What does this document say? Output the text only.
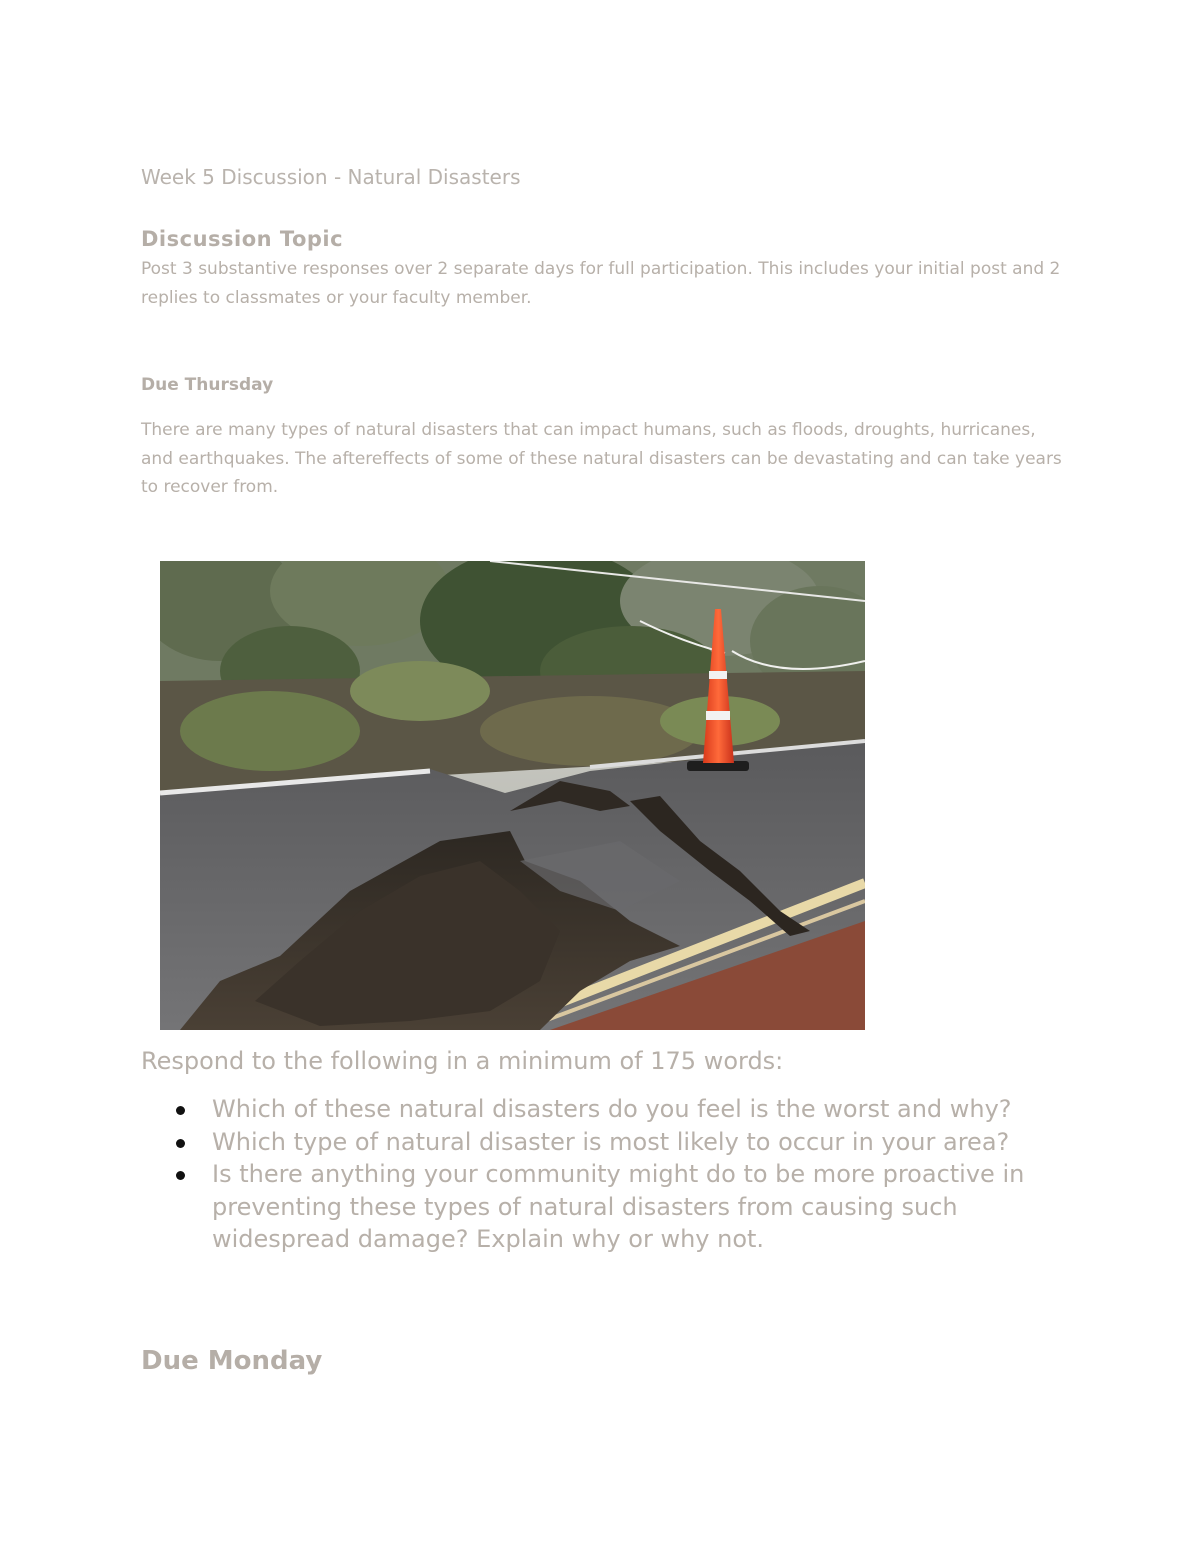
Week 5 Discussion - Natural Disasters
Discussion Topic
Post 3 substantive responses over 2 separate days for full participation. This includes your initial post and 2 replies to classmates or your faculty member.
Due Thursday
There are many types of natural disasters that can impact humans, such as floods, droughts, hurricanes, and earthquakes. The aftereffects of some of these natural disasters can be devastating and can take years to recover from.
Respond to the following in a minimum of 175 words:
Which of these natural disasters do you feel is the worst and why?
Which type of natural disaster is most likely to occur in your area?
Is there anything your community might do to be more proactive in preventing these types of natural disasters from causing such widespread damage? Explain why or why not.
Due Monday
